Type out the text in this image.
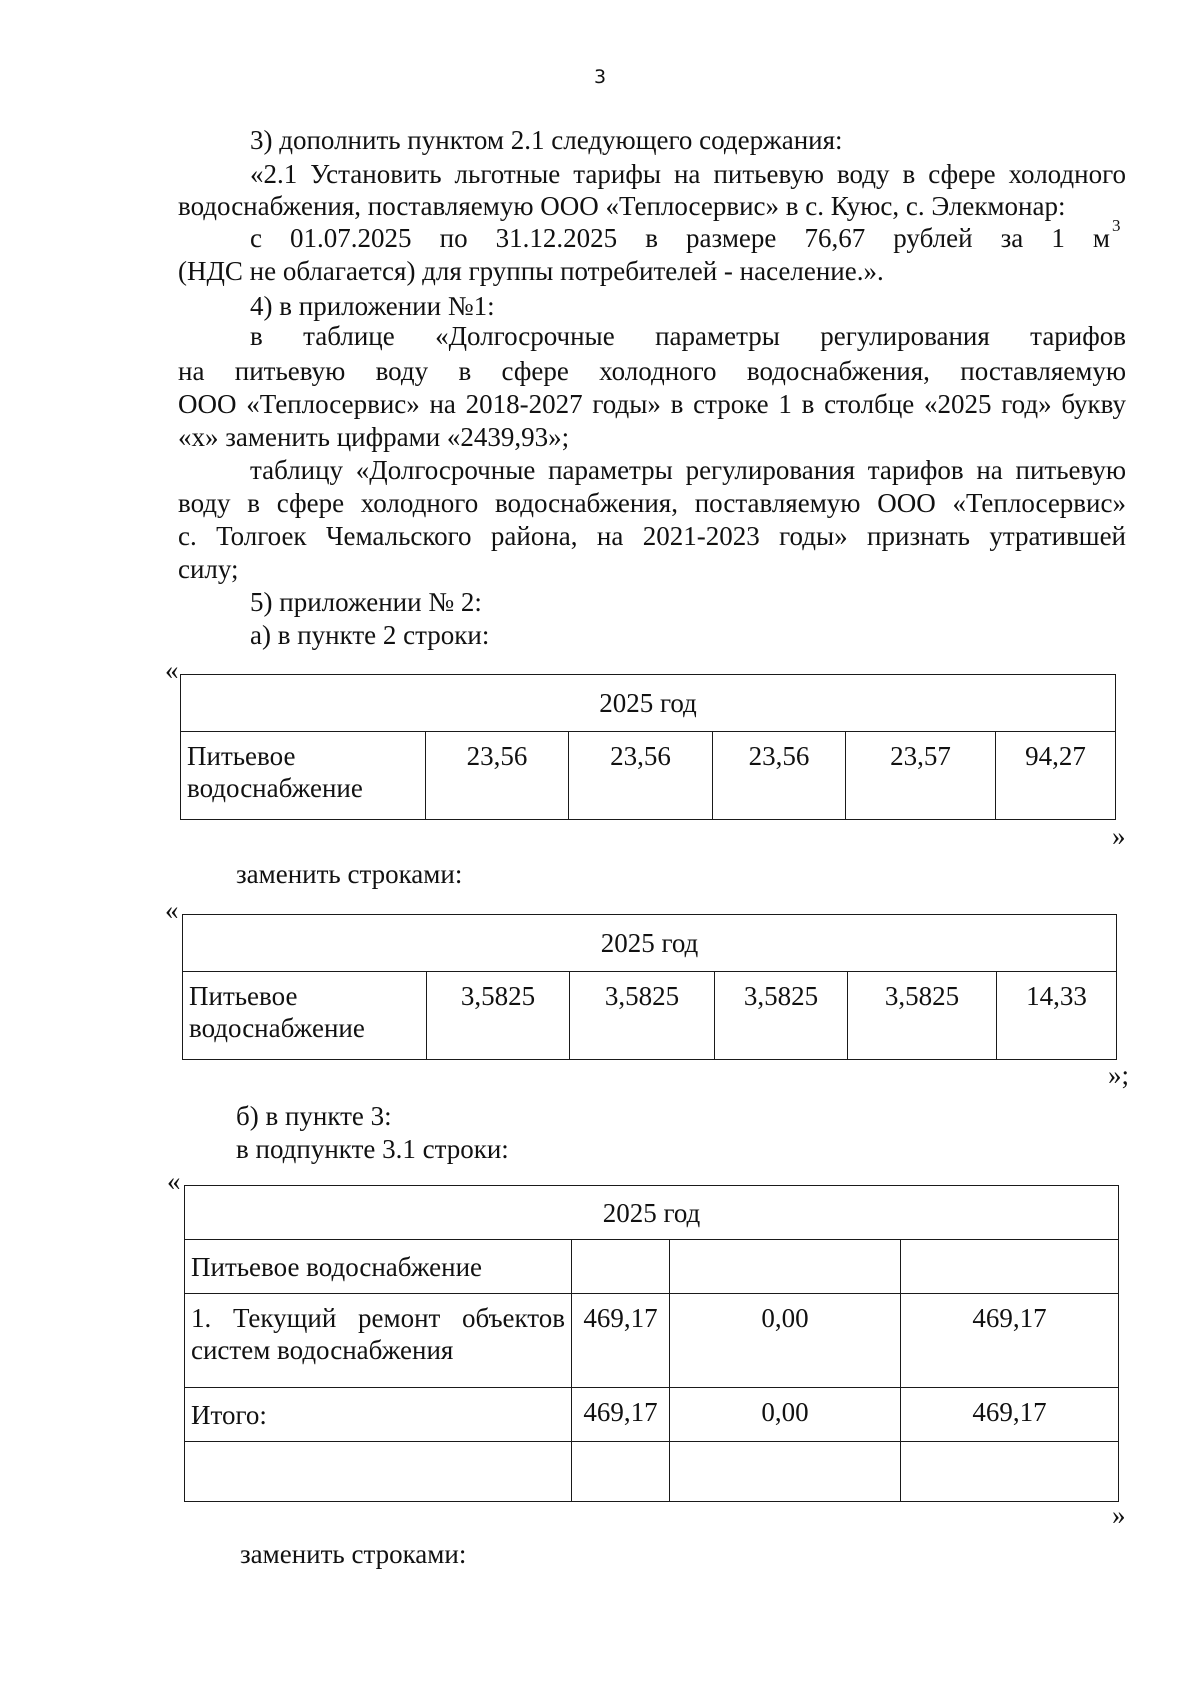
3
3) дополнить пунктом 2.1 следующего содержания:
«2.1 Установить льготные тарифы на питьевую воду в сфере холодного
водоснабжения, поставляемую ООО «Теплосервис» в с. Куюс, с. Элекмонар:
с 01.07.2025 по 31.12.2025 в размере 76,67 рублей за 1 м 3
(НДС не облагается) для группы потребителей - население.».
4) в приложении №1:
в таблице «Долгосрочные параметры регулирования тарифов
на питьевую воду в сфере холодного водоснабжения, поставляемую
ООО «Теплосервис» на 2018-2027 годы» в строке 1 в столбце «2025 год» букву
«х» заменить цифрами «2439,93»;
таблицу «Долгосрочные параметры регулирования тарифов на питьевую
воду в сфере холодного водоснабжения, поставляемую ООО «Теплосервис»
с. Толгоек Чемальского района, на 2021-2023 годы» признать утратившей
силу;
5) приложении № 2:
а) в пункте 2 строки:
«
2025 год

Питьевое
водоснабжение
	23,56	23,56	23,56	23,57	94,27
»
заменить строками:
«
2025 год

Питьевое
водоснабжение
	3,5825	3,5825	3,5825	3,5825	14,33
»;
б) в пункте 3:
в подпункте 3.1 строки:
«
2025 год			
Питьевое водоснабжение			

1. Текущий ремонт объектов
систем водоснабжения	469,17	0,00	469,17
Итого:	469,17	0,00	469,17

»
заменить строками:
